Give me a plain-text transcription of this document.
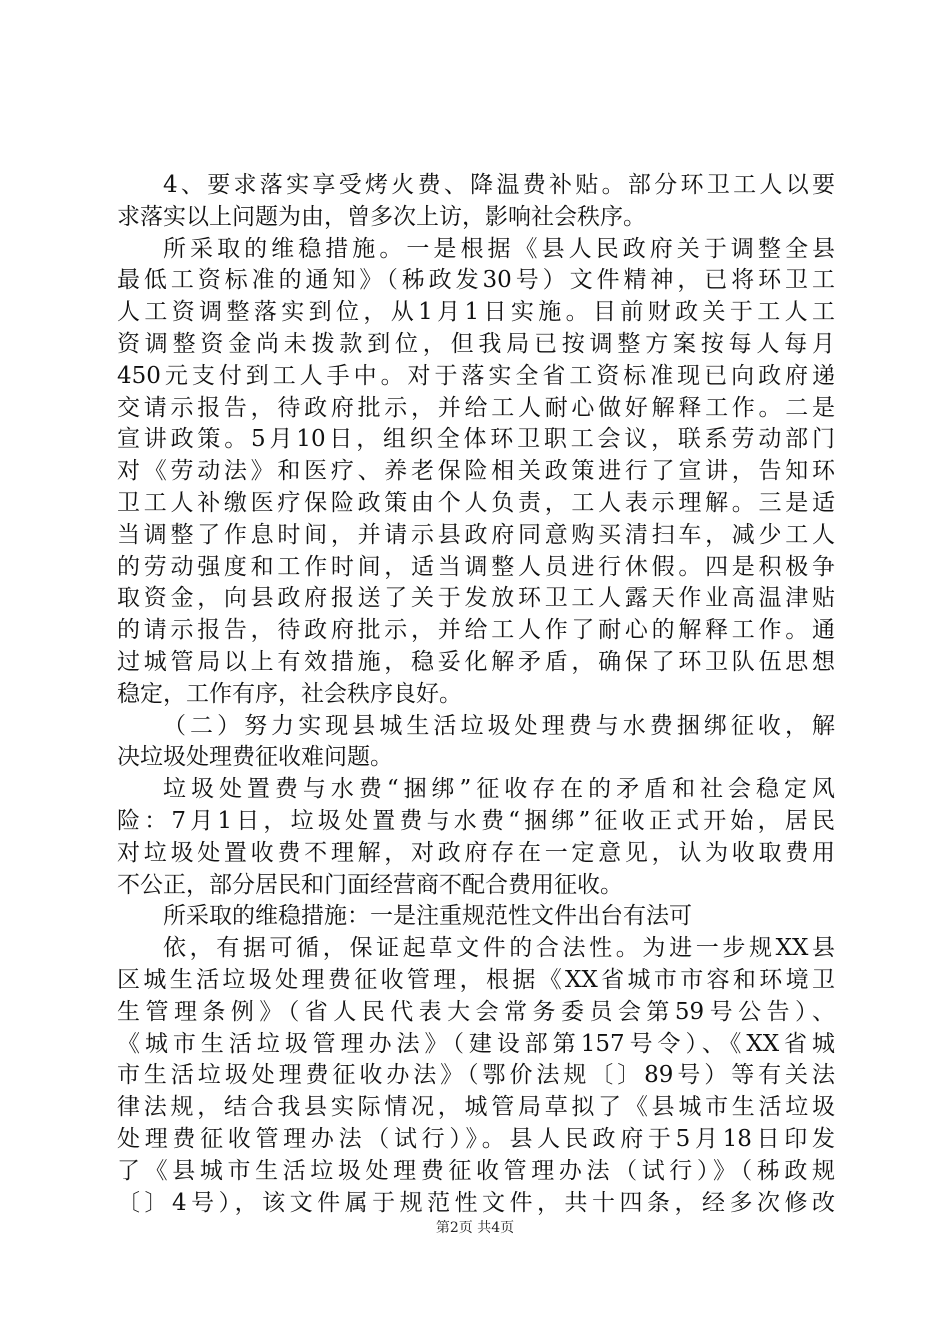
4、要求落实享受烤火费、降温费补贴。部分环卫工人以要
求落实以上问题为由，曾多次上访，影响社会秩序。
所采取的维稳措施。一是根据《县人民政府关于调整全县
最低工资标准的通知》（秭政发30号）文件精神，已将环卫工
人工资调整落实到位，从1月1日实施。目前财政关于工人工
资调整资金尚未拨款到位，但我局已按调整方案按每人每月
450元支付到工人手中。对于落实全省工资标准现已向政府递
交请示报告，待政府批示，并给工人耐心做好解释工作。二是
宣讲政策。5月10日，组织全体环卫职工会议，联系劳动部门
对《劳动法》和医疗、养老保险相关政策进行了宣讲，告知环
卫工人补缴医疗保险政策由个人负责，工人表示理解。三是适
当调整了作息时间，并请示县政府同意购买清扫车，减少工人
的劳动强度和工作时间，适当调整人员进行休假。四是积极争
取资金，向县政府报送了关于发放环卫工人露天作业高温津贴
的请示报告，待政府批示，并给工人作了耐心的解释工作。通
过城管局以上有效措施，稳妥化解矛盾，确保了环卫队伍思想
稳定，工作有序，社会秩序良好。
（二）努力实现县城生活垃圾处理费与水费捆绑征收，解
决垃圾处理费征收难问题。
垃圾处置费与水费“捆绑”征收存在的矛盾和社会稳定风
险：7月1日，垃圾处置费与水费“捆绑”征收正式开始，居民
对垃圾处置收费不理解，对政府存在一定意见，认为收取费用
不公正，部分居民和门面经营商不配合费用征收。
所采取的维稳措施：一是注重规范性文件出台有法可
依，有据可循，保证起草文件的合法性。为进一步规XX县
区城生活垃圾处理费征收管理，根据《XX省城市市容和环境卫
生管理条例》（省人民代表大会常务委员会第59号公告）、
《城市生活垃圾管理办法》（建设部第157号令）、《XX省城
市生活垃圾处理费征收办法》（鄂价法规〔〕89号）等有关法
律法规，结合我县实际情况，城管局草拟了《县城市生活垃圾
处理费征收管理办法（试行）》。县人民政府于5月18日印发
了《县城市生活垃圾处理费征收管理办法（试行）》（秭政规
〔〕4号），该文件属于规范性文件，共十四条，经多次修改
第2页 共4页
